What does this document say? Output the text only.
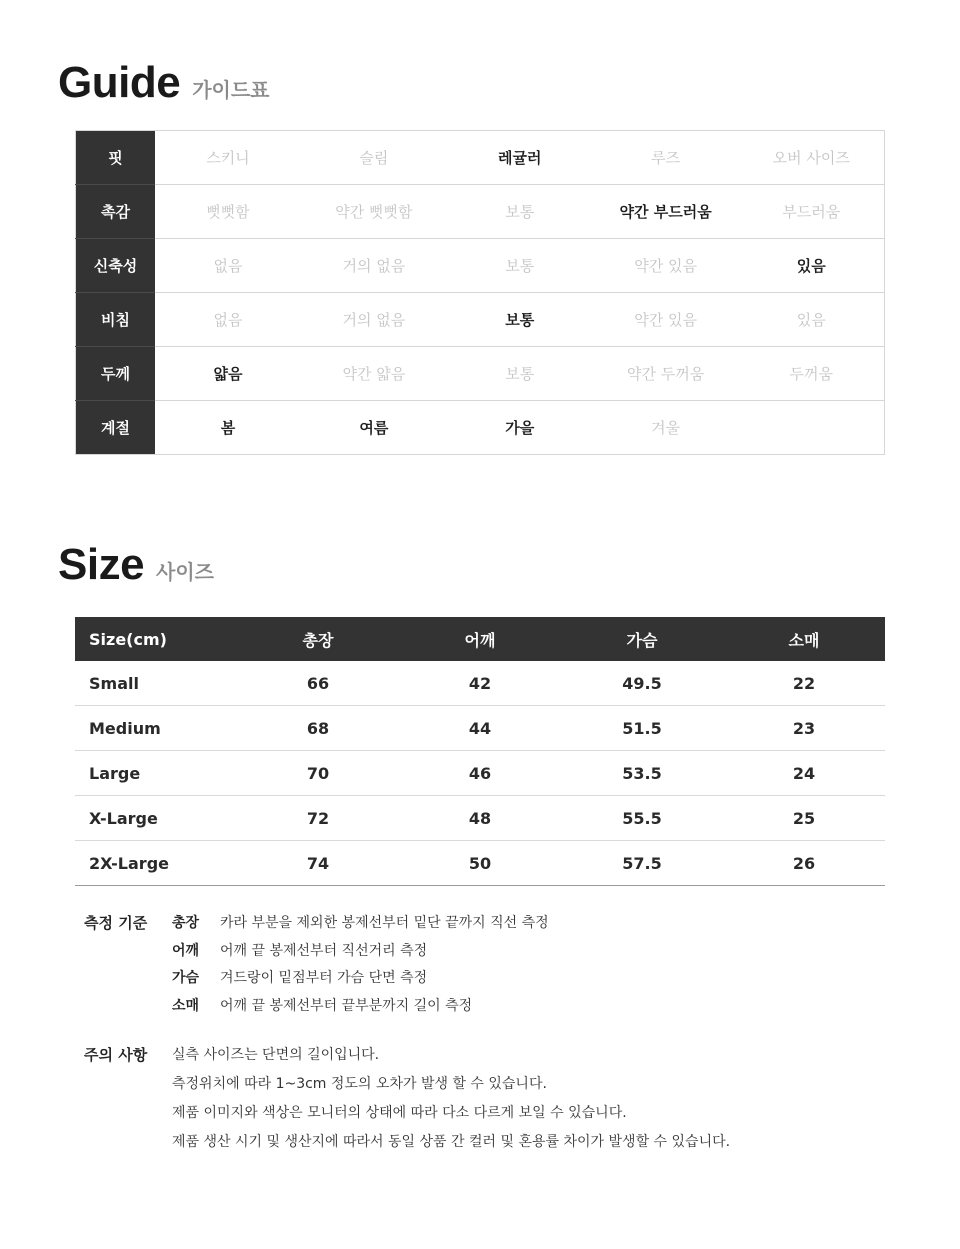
Guide 가이드표
핏	스키니	슬림	레귤러	루즈	오버 사이즈
촉감	뻣뻣함	약간 뻣뻣함	보통	약간 부드러움	부드러움
신축성	없음	거의 없음	보통	약간 있음	있음
비침	없음	거의 없음	보통	약간 있음	있음
두께	얇음	약간 얇음	보통	약간 두꺼움	두꺼움
계절	봄	여름	가을	겨울	
Size 사이즈
Size(cm)	총장	어깨	가슴	소매
Small	66	42	49.5	22
Medium	68	44	51.5	23
Large	70	46	53.5	24
X-Large	72	48	55.5	25
2X-Large	74	50	57.5	26
측정 기준	총장 카라 부분을 제외한 봉제선부터 밑단 끝까지 직선 측정
어깨 어깨 끝 봉제선부터 직선거리 측정
가슴 겨드랑이 밑점부터 가슴 단면 측정
소매 어깨 끝 봉제선부터 끝부분까지 길이 측정
주의 사항	실측 사이즈는 단면의 길이입니다.
측정위치에 따라 1~3cm 정도의 오차가 발생 할 수 있습니다.
제품 이미지와 색상은 모니터의 상태에 따라 다소 다르게 보일 수 있습니다.
제품 생산 시기 및 생산지에 따라서 동일 상품 간 컬러 및 혼용률 차이가 발생할 수 있습니다.
